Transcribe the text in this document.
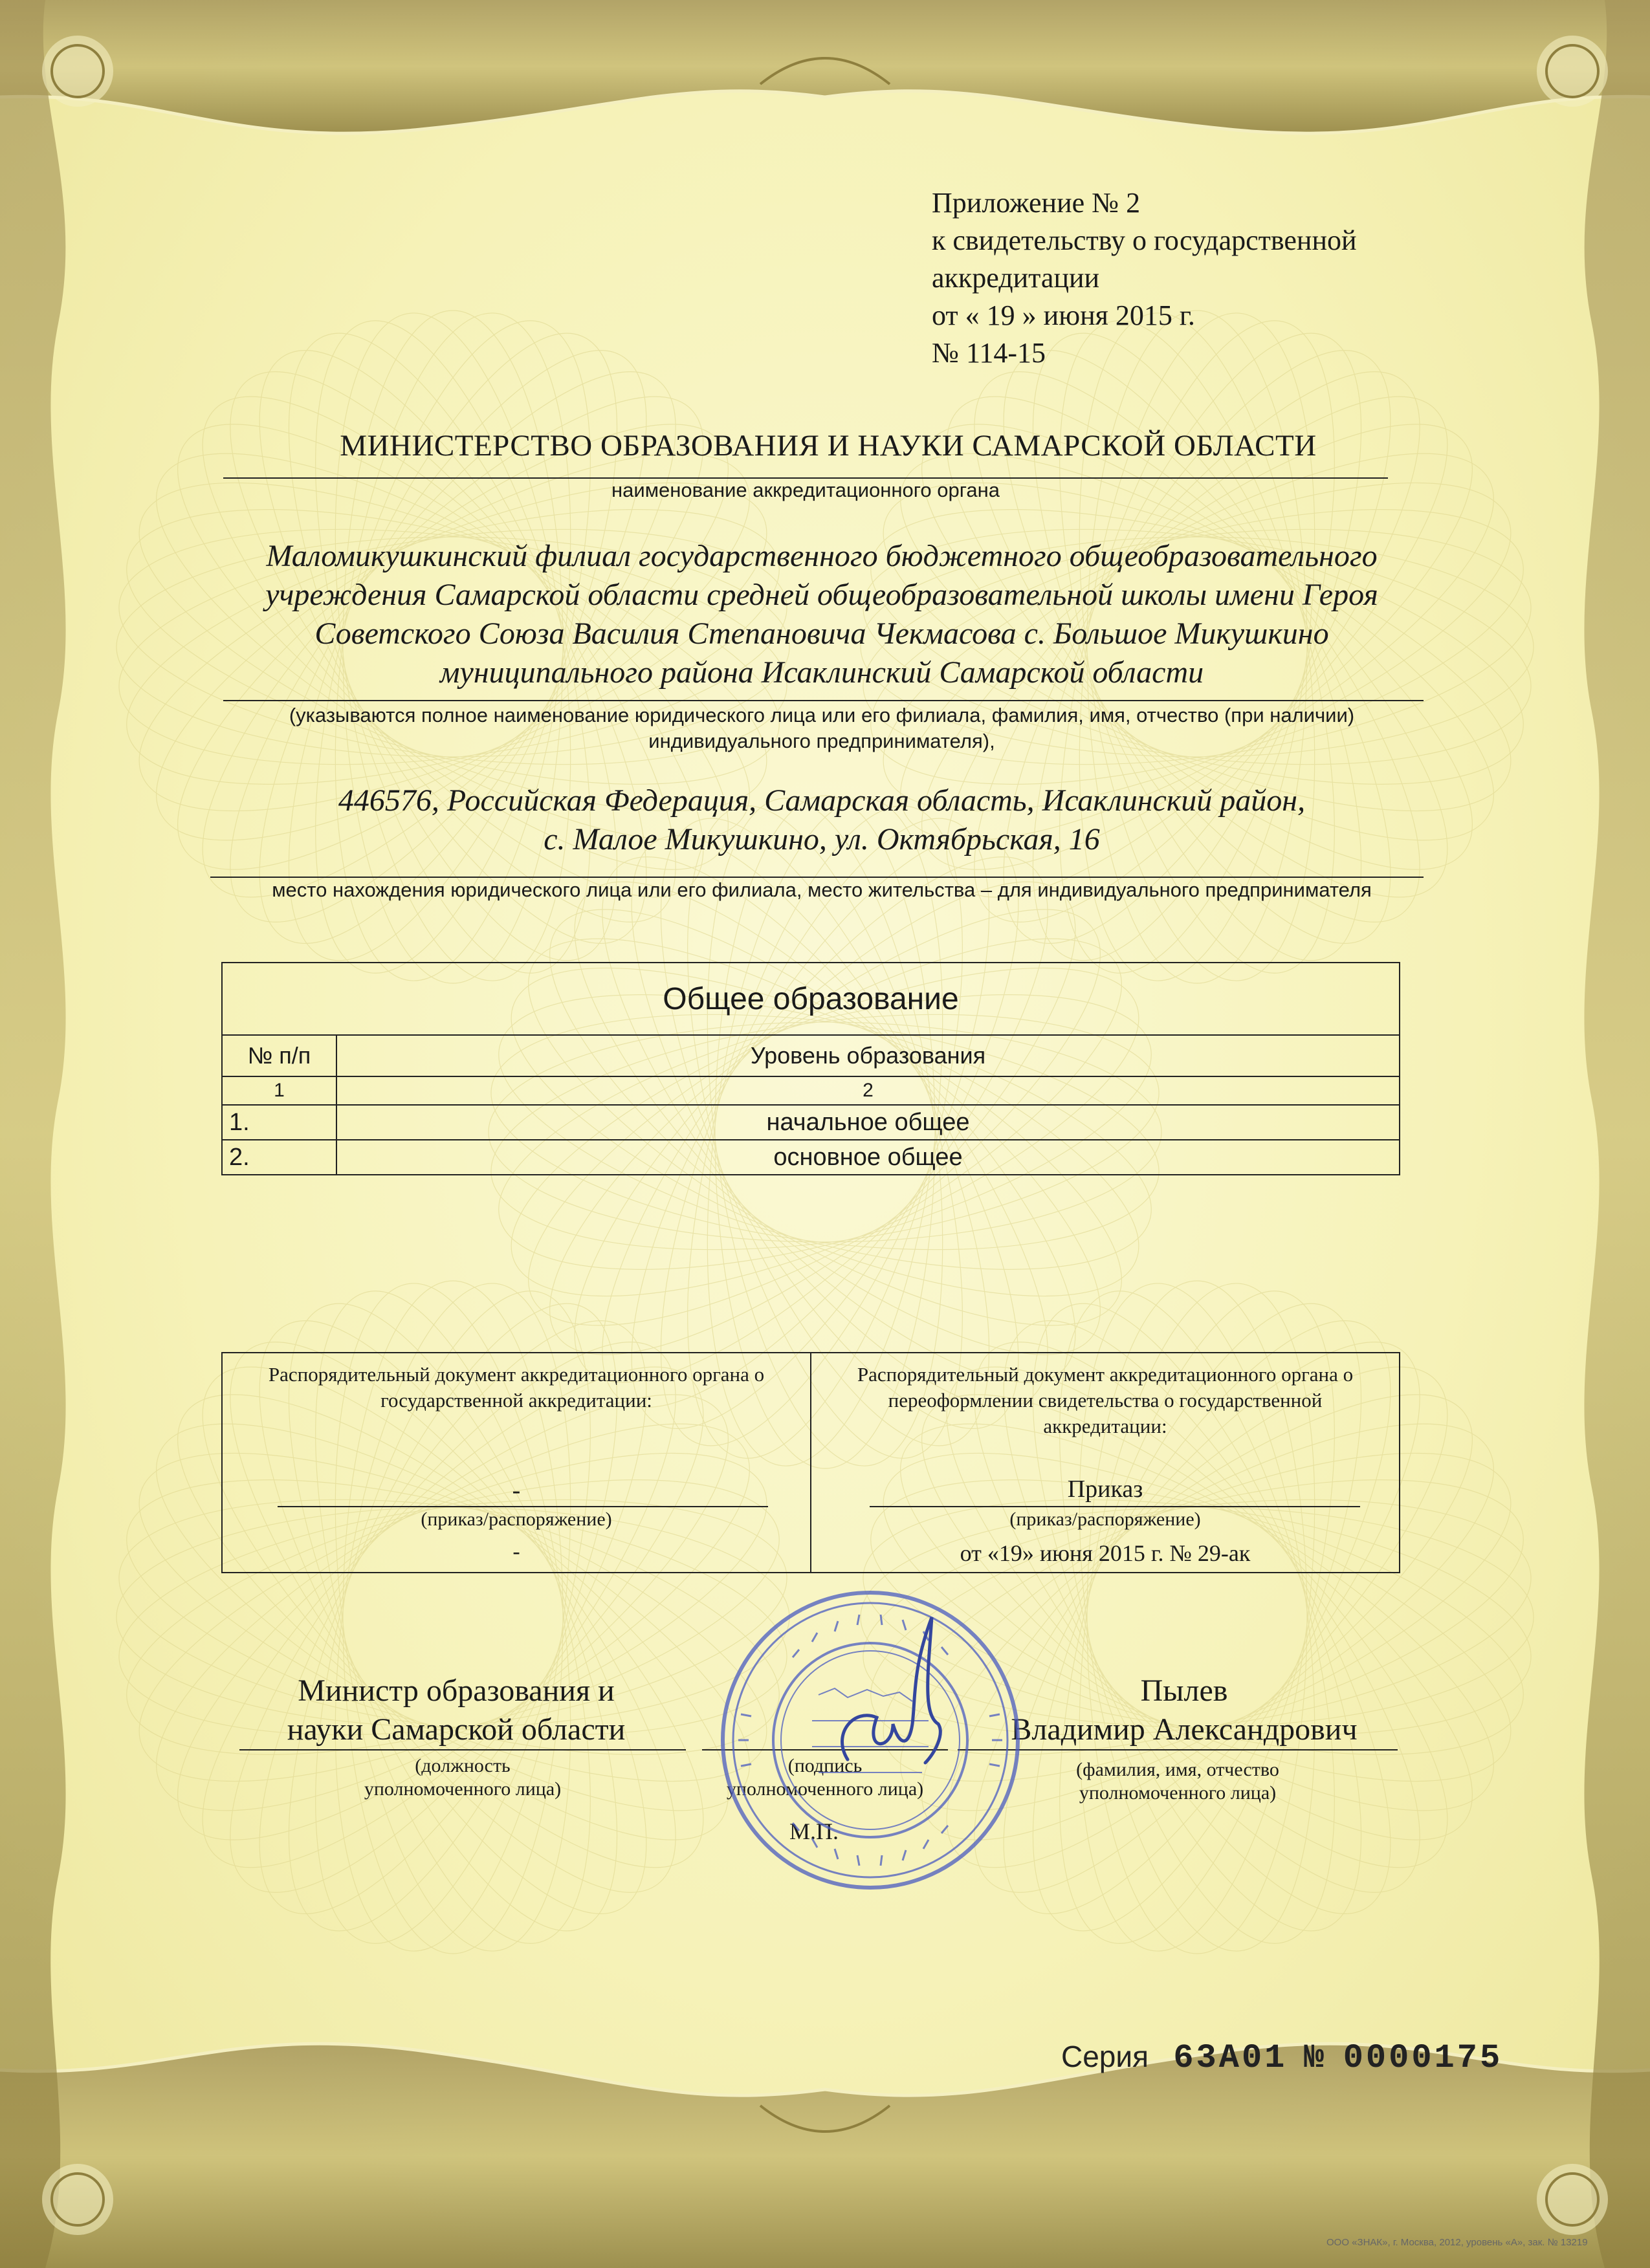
Приложение № 2
к свидетельству о государственной
аккредитации
от « 19 » июня 2015 г.
№ 114-15
МИНИСТЕРСТВО ОБРАЗОВАНИЯ И НАУКИ САМАРСКОЙ ОБЛАСТИ
наименование аккредитационного органа
Маломикушкинский филиал государственного бюджетного общеобразовательного
учреждения Самарской области средней общеобразовательной школы имени Героя
Советского Союза Василия Степановича Чекмасова с. Большое Микушкино
муниципального района Исаклинский Самарской области
(указываются полное наименование юридического лица или его филиала, фамилия, имя, отчество (при наличии)
индивидуального предпринимателя),
446576, Российская Федерация, Самарская область, Исаклинский район,
с. Малое Микушкино, ул. Октябрьская, 16
место нахождения юридического лица или его филиала, место жительства – для индивидуального предпринимателя
Общее образование	
№ п/п	Уровень образования
1	2
1.	начальное общее
2.	основное общее
Распорядительный документ аккредитационного органа о государственной аккредитации:
-
(приказ/распоряжение)
-

Распорядительный документ аккредитационного органа о переоформлении свидетельства о государственной аккредитации:
Приказ
(приказ/распоряжение)
от «19» июня 2015 г. № 29-ак
Министр образования и
науки Самарской области
(должность
уполномоченного лица)
(подпись
уполномоченного лица)
М.П.
Пылев
Владимир Александрович
(фамилия, имя, отчество
уполномоченного лица)
Серия 63А01 № 0000175
ООО «ЗНАК», г. Москва, 2012, уровень «А», зак. № 13219
